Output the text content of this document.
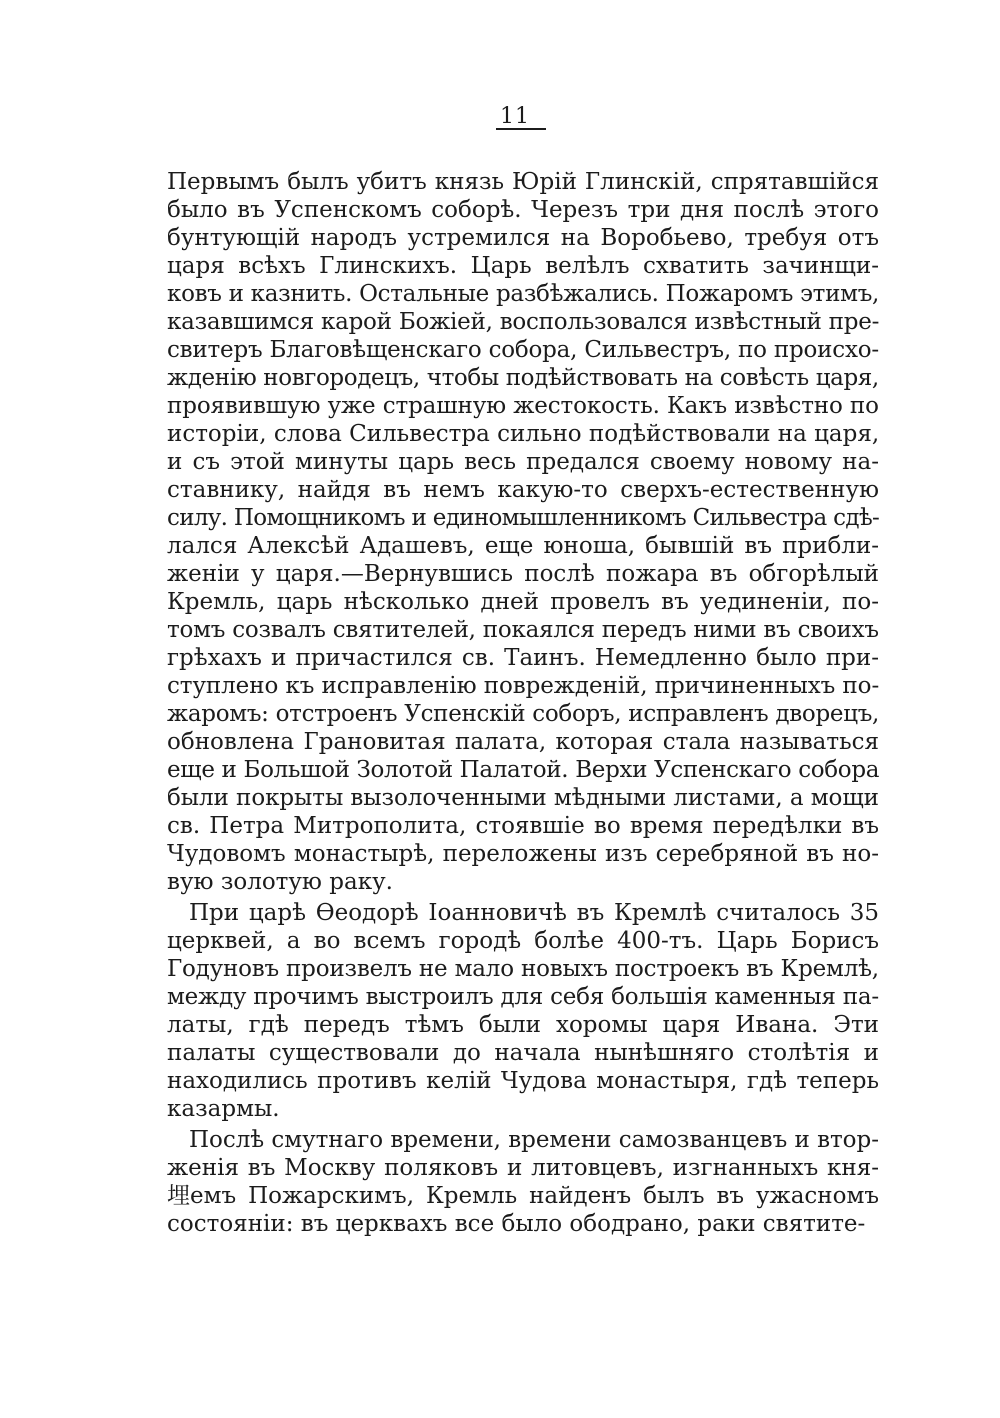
11
Первымъ былъ убитъ князь Юрій Глинскій, спрятавшійся
было въ Успенскомъ соборѣ. Черезъ три дня послѣ этого
бунтующій народъ устремился на Воробьево, требуя отъ
царя всѣхъ Глинскихъ. Царь велѣлъ схватить зачинщи-
ковъ и казнить. Остальные разбѣжались. Пожаромъ этимъ,
казавшимся карой Божіей, воспользовался извѣстный пре-
свитеръ Благовѣщенскаго собора, Сильвестръ, по происхо-
жденію новгородецъ, чтобы подѣйствовать на совѣсть царя,
проявившую уже страшную жестокость. Какъ извѣстно по
исторіи, слова Сильвестра сильно подѣйствовали на царя,
и съ этой минуты царь весь предался своему новому на-
ставнику, найдя въ немъ какую-то сверхъ-естественную
силу. Помощникомъ и единомышленникомъ Сильвестра сдѣ-
лался Алексѣй Адашевъ, еще юноша, бывшій въ прибли-
женіи у царя.—Вернувшись послѣ пожара въ обгорѣлый
Кремль, царь нѣсколько дней провелъ въ уединеніи, по-
томъ созвалъ святителей, покаялся передъ ними въ своихъ
грѣхахъ и причастился св. Таинъ. Немедленно было при-
ступлено къ исправленію поврежденій, причиненныхъ по-
жаромъ: отстроенъ Успенскій соборъ, исправленъ дворецъ,
обновлена Грановитая палата, которая стала называться
еще и Большой Золотой Палатой. Верхи Успенскаго собора
были покрыты вызолоченными мѣдными листами, а мощи
св. Петра Митрополита, стоявшіе во время передѣлки въ
Чудовомъ монастырѣ, переложены изъ серебряной въ но-
вую золотую раку.
При царѣ Ѳеодорѣ Іоанновичѣ въ Кремлѣ считалось 35
церквей, а во всемъ городѣ болѣе 400-тъ. Царь Борисъ
Годуновъ произвелъ не мало новыхъ построекъ въ Кремлѣ,
между прочимъ выстроилъ для себя большія каменныя па-
латы, гдѣ передъ тѣмъ были хоромы царя Ивана. Эти
палаты существовали до начала нынѣшняго столѣтія и
находились противъ келій Чудова монастыря, гдѣ теперь
казармы.
Послѣ смутнаго времени, времени самозванцевъ и втор-
женія въ Москву поляковъ и литовцевъ, изгнанныхъ кня-
埋емъ Пожарскимъ, Кремль найденъ былъ въ ужасномъ
состояніи: въ церквахъ все было ободрано, раки святите-
